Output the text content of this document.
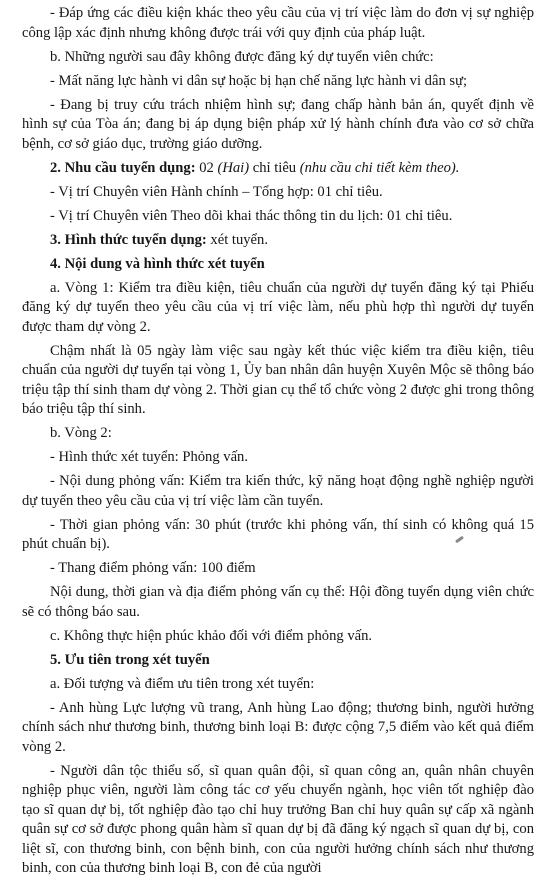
- Đáp ứng các điều kiện khác theo yêu cầu của vị trí việc làm do đơn vị sự nghiệp công lập xác định nhưng không được trái với quy định của pháp luật.

b. Những người sau đây không được đăng ký dự tuyển viên chức:

- Mất năng lực hành vi dân sự hoặc bị hạn chế năng lực hành vi dân sự;

- Đang bị truy cứu trách nhiệm hình sự; đang chấp hành bản án, quyết định về hình sự của Tòa án; đang bị áp dụng biện pháp xử lý hành chính đưa vào cơ sở chữa bệnh, cơ sở giáo dục, trường giáo dưỡng.

2. Nhu cầu tuyển dụng: 02 (Hai) chỉ tiêu (nhu cầu chi tiết kèm theo).

- Vị trí Chuyên viên Hành chính – Tổng hợp: 01 chỉ tiêu.

- Vị trí Chuyên viên Theo dõi khai thác thông tin du lịch: 01 chỉ tiêu.

3. Hình thức tuyển dụng: xét tuyển.

4. Nội dung và hình thức xét tuyển

a. Vòng 1: Kiểm tra điều kiện, tiêu chuẩn của người dự tuyển đăng ký tại Phiếu đăng ký dự tuyển theo yêu cầu của vị trí việc làm, nếu phù hợp thì người dự tuyển được tham dự vòng 2.

Chậm nhất là 05 ngày làm việc sau ngày kết thúc việc kiểm tra điều kiện, tiêu chuẩn của người dự tuyển tại vòng 1, Ủy ban nhân dân huyện Xuyên Mộc sẽ thông báo triệu tập thí sinh tham dự vòng 2. Thời gian cụ thể tổ chức vòng 2 được ghi trong thông báo triệu tập thí sinh.

b. Vòng 2:

- Hình thức xét tuyển: Phỏng vấn.

- Nội dung phỏng vấn: Kiểm tra kiến thức, kỹ năng hoạt động nghề nghiệp người dự tuyển theo yêu cầu của vị trí việc làm cần tuyển.

- Thời gian phỏng vấn: 30 phút (trước khi phỏng vấn, thí sinh có không quá 15 phút chuẩn bị).

- Thang điểm phỏng vấn: 100 điểm

Nội dung, thời gian và địa điểm phỏng vấn cụ thể: Hội đồng tuyển dụng viên chức sẽ có thông báo sau.

c. Không thực hiện phúc khảo đối với điểm phỏng vấn.

5. Ưu tiên trong xét tuyển

a. Đối tượng và điểm ưu tiên trong xét tuyển:

- Anh hùng Lực lượng vũ trang, Anh hùng Lao động; thương binh, người hưởng chính sách như thương binh, thương binh loại B: được cộng 7,5 điểm vào kết quả điểm vòng 2.

- Người dân tộc thiểu số, sĩ quan quân đội, sĩ quan công an, quân nhân chuyên nghiệp phục viên, người làm công tác cơ yếu chuyển ngành, học viên tốt nghiệp đào tạo sĩ quan dự bị, tốt nghiệp đào tạo chỉ huy trưởng Ban chỉ huy quân sự cấp xã ngành quân sự cơ sở được phong quân hàm sĩ quan dự bị đã đăng ký ngạch sĩ quan dự bị, con liệt sĩ, con thương binh, con bệnh binh, con của người hưởng chính sách như thương binh, con của thương binh loại B, con đẻ của người
